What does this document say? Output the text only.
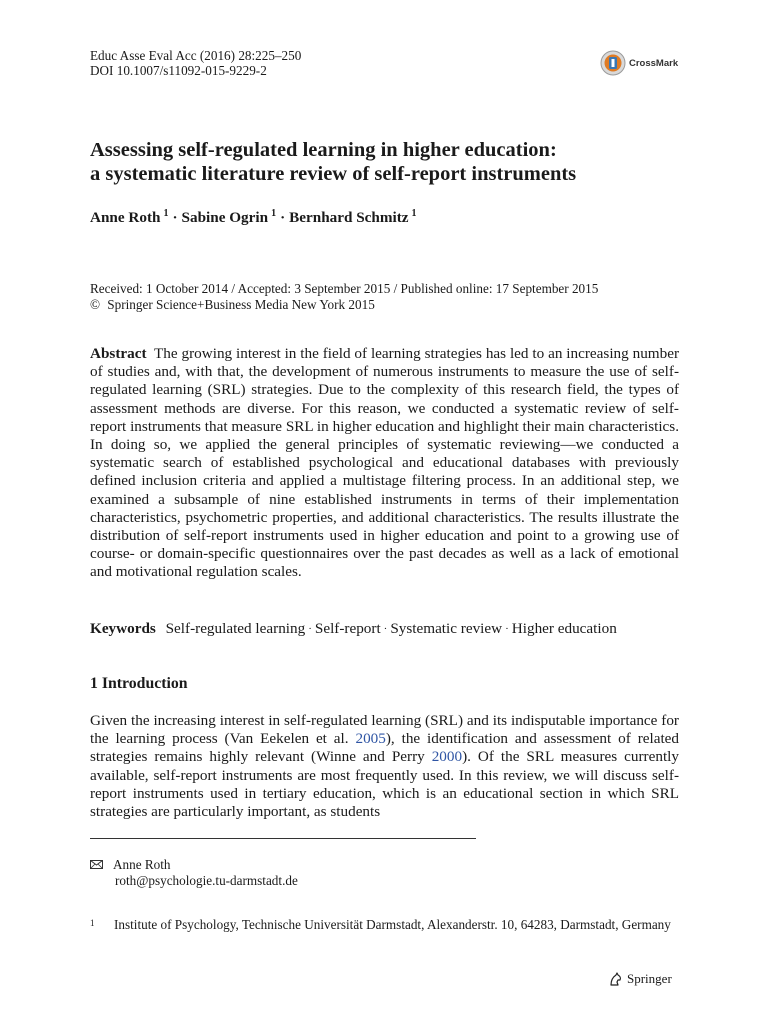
Educ Asse Eval Acc (2016) 28:225–250
DOI 10.1007/s11092-015-9229-2	CrossMark
Assessing self-regulated learning in higher education:
a systematic literature review of self-report instruments
Anne Roth $^1$ · Sabine Ogrin $^1$ · Bernhard Schmitz $^1$
Received: 1 October 2014 / Accepted: 3 September 2015 / Published online: 17 September 2015
© Springer Science+Business Media New York 2015
Abstract The growing interest in the field of learning strategies has led to an increasing number of studies and, with that, the development of numerous instruments to measure the use of self-regulated learning (SRL) strategies. Due to the complexity of this research field, the types of assessment methods are diverse. For this reason, we conducted a systematic review of self-report instruments that measure SRL in higher education and highlight their main characteristics. In doing so, we applied the general principles of systematic reviewing—we conducted a systematic search of established psychological and educational databases with previously defined inclusion criteria and applied a multistage filtering process. In an additional step, we examined a subsample of nine established instruments in terms of their implementation characteristics, psychometric properties, and additional characteristics. The results illustrate the distribution of self-report instruments used in higher education and point to a growing use of course- or domain-specific questionnaires over the past decades as well as a lack of emotional and motivational regulation scales.
Keywords Self-regulated learning · Self-report · Systematic review · Higher education
1 Introduction
Given the increasing interest in self-regulated learning (SRL) and its indisputable importance for the learning process (Van Eekelen et al. 2005), the identification and assessment of related strategies remains highly relevant (Winne and Perry 2000). Of the SRL measures currently available, self-report instruments are most frequently used. In this review, we will discuss self-report instruments used in tertiary education, which is an educational section in which SRL strategies are particularly important, as students
Anne Roth
roth@psychologie.tu-darmstadt.de
1 Institute of Psychology, Technische Universität Darmstadt, Alexanderstr. 10, 64283, Darmstadt, Germany
Springer
